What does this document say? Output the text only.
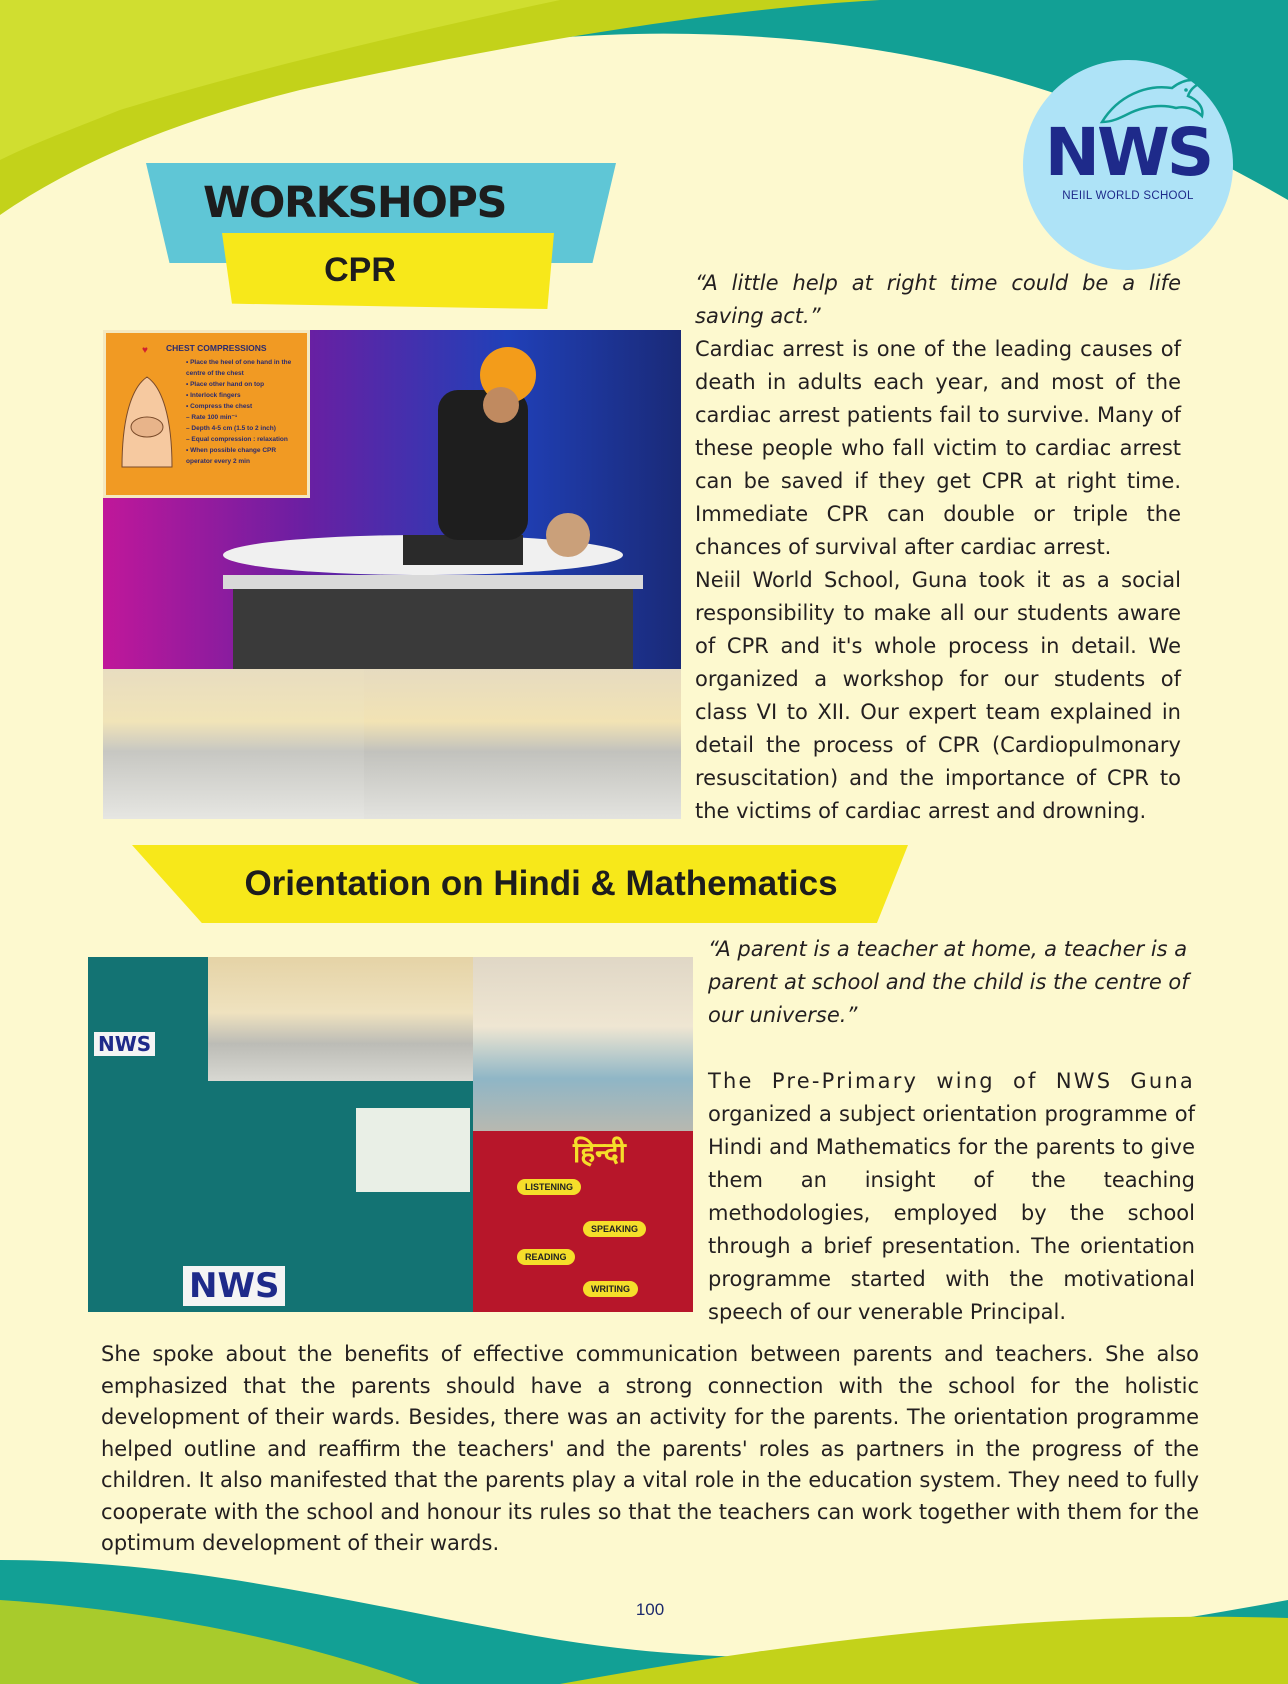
NWS
NEIIL WORLD SCHOOL
WORKSHOPS
CPR
♥ CHEST COMPRESSIONS
• Place the heel of one hand in the centre of the chest
• Place other hand on top
• Interlock fingers
• Compress the chest
– Rate 100 min⁻¹
– Depth 4-5 cm (1.5 to 2 inch)
– Equal compression : relaxation
• When possible change CPR operator every 2 min
“A little help at right time could be a life saving act.”
Cardiac arrest is one of the leading causes of death in adults each year, and most of the cardiac arrest patients fail to survive. Many of these people who fall victim to cardiac arrest can be saved if they get CPR at right time. Immediate CPR can double or triple the chances of survival after cardiac arrest.
Neiil World School, Guna took it as a social responsibility to make all our students aware of CPR and it's whole process in detail. We organized a workshop for our students of class VI to XII. Our expert team explained in detail the process of CPR (Cardiopulmonary resuscitation) and the importance of CPR to the victims of cardiac arrest and drowning.
Orientation on Hindi & Mathematics
NWS
NWS
हिन्दी
LISTENING
SPEAKING
READING
WRITING
“A parent is a teacher at home, a teacher is a parent at school and the child is the centre of our universe.”
The Pre-Primary wing of NWS Guna organized a subject orientation programme of Hindi and Mathematics for the parents to give them an insight of the teaching methodologies, employed by the school through a brief presentation. The orientation programme started with the motivational speech of our venerable Principal.
She spoke about the benefits of effective communication between parents and teachers. She also emphasized that the parents should have a strong connection with the school for the holistic development of their wards. Besides, there was an activity for the parents. The orientation programme helped outline and reaffirm the teachers' and the parents' roles as partners in the progress of the children. It also manifested that the parents play a vital role in the education system. They need to fully cooperate with the school and honour its rules so that the teachers can work together with them for the optimum development of their wards.
100
